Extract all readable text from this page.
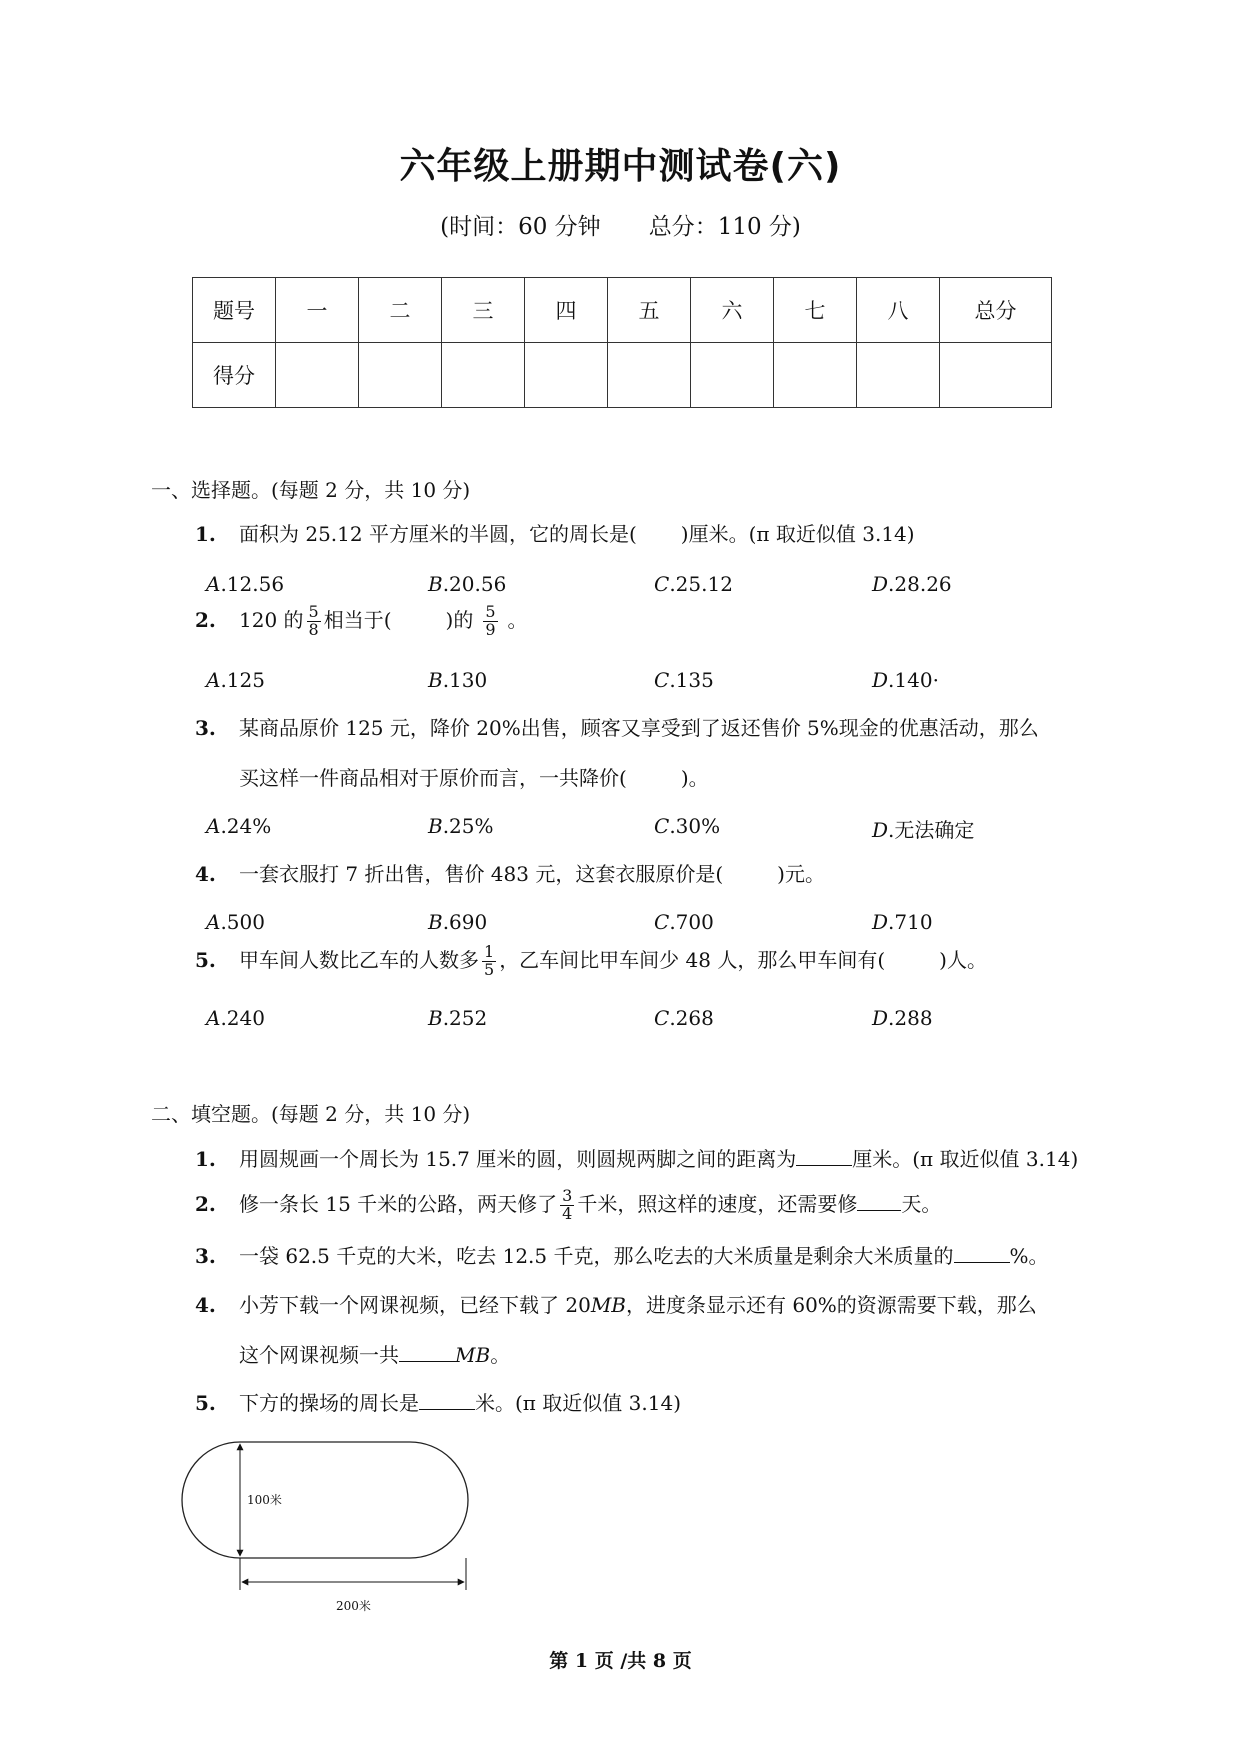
六年级上册期中测试卷(六)
(时间：60 分钟 总分：110 分)
题号	一	二	三	四	五	六	七	八	总分
得分									
一、选择题。(每题 2 分，共 10 分)
1. 面积为 25.12 平方厘米的半圆，它的周长是( )厘米。(π 取近似值 3.14)
A.12.56	B.20.56	C.25.12	D.28.26
2. 120 的 $\frac{5}{8}$ 相当于(	)的 $\frac{5}{9}$ 。
A.125	B.130	C.135	D.140·
3. 某商品原价 125 元，降价 20%出售，顾客又享受到了返还售价 5%现金的优惠活动，那么
买这样一件商品相对于原价而言，一共降价(	)。
A.24%	B.25%	C.30%	D.无法确定
4. 一套衣服打 7 折出售，售价 483 元，这套衣服原价是(	)元。
A.500	B.690	C.700	D.710
5. 甲车间人数比乙车的人数多 $\frac{1}{5}$ ，乙车间比甲车间少 48 人，那么甲车间有(	)人。
A.240	B.252	C.268	D.288
二、填空题。(每题 2 分，共 10 分)
1. 用圆规画一个周长为 15.7 厘米的圆，则圆规两脚之间的距离为	厘米。(π 取近似值 3.14)
2. 修一条长 15 千米的公路，两天修了 $\frac{3}{4}$ 千米，照这样的速度，还需要修 天。
3. 一袋 62.5 千克的大米，吃去 12.5 千克，那么吃去的大米质量是剩余大米质量的	%。
4. 小芳下载一个网课视频，已经下载了 20MB，进度条显示还有 60%的资源需要下载，那么
这个网课视频一共	MB。
5. 下方的操场的周长是	米。(π 取近似值 3.14)
100米
200米
第 1 页 /共 8 页
